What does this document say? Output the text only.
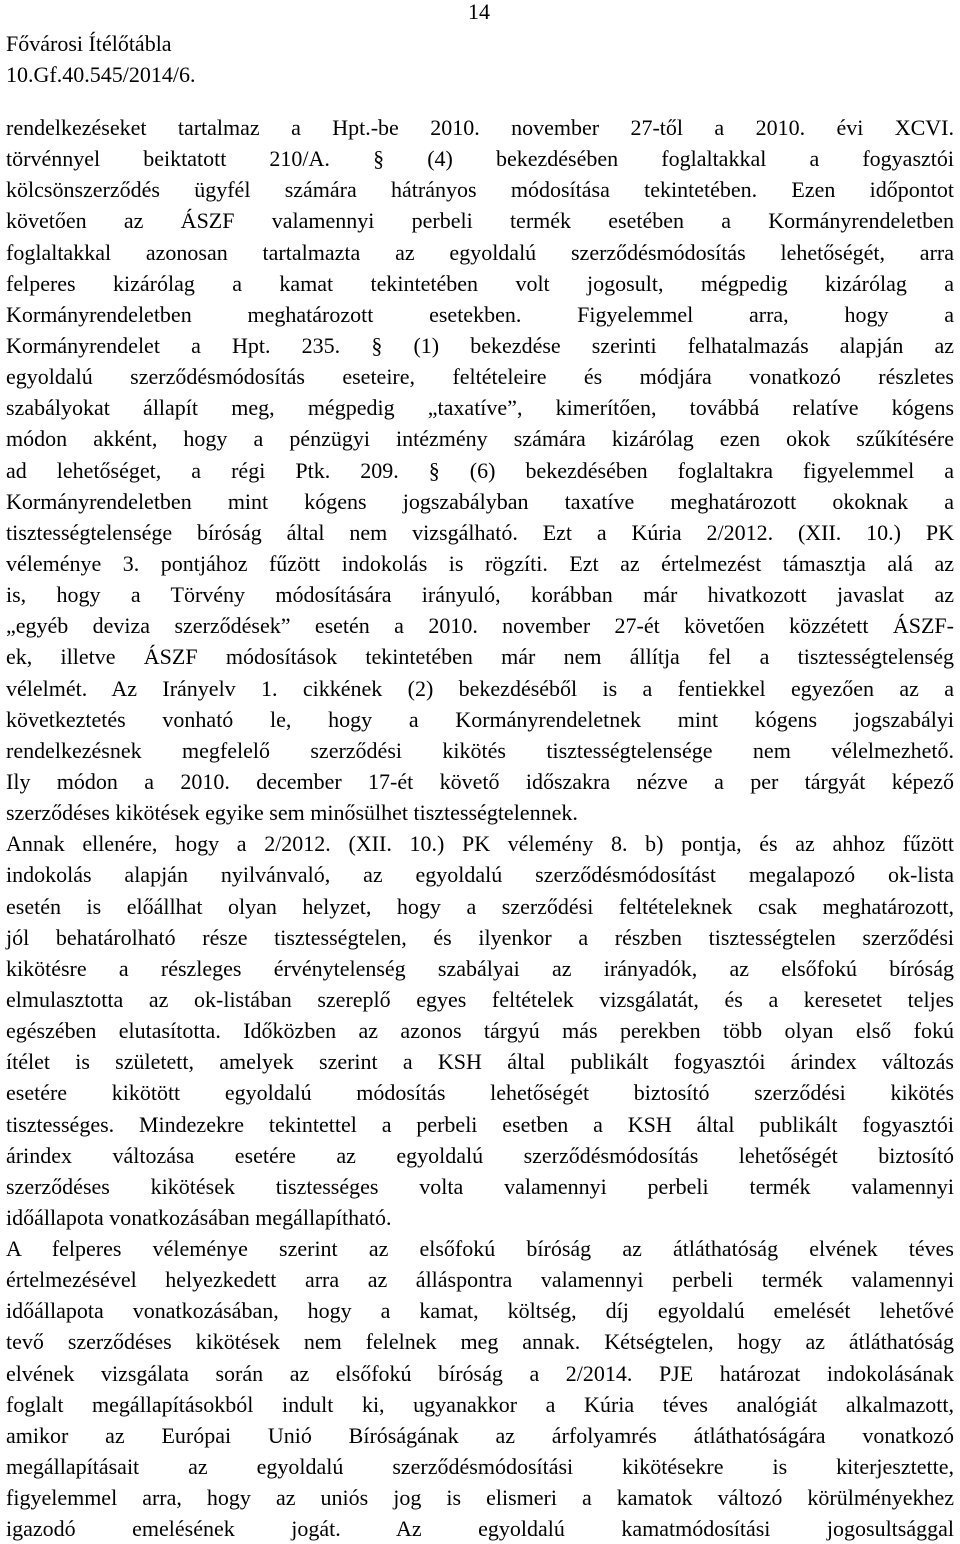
14
Fővárosi Ítélőtábla
10.Gf.40.545/2014/6.
rendelkezéseket tartalmaz a Hpt.-be 2010. november 27-től a 2010. évi XCVI.
törvénnyel beiktatott 210/A. § (4) bekezdésében foglaltakkal a fogyasztói
kölcsönszerződés ügyfél számára hátrányos módosítása tekintetében. Ezen időpontot
követően az ÁSZF valamennyi perbeli termék esetében a Kormányrendeletben
foglaltakkal azonosan tartalmazta az egyoldalú szerződésmódosítás lehetőségét, arra
felperes kizárólag a kamat tekintetében volt jogosult, mégpedig kizárólag a
Kormányrendeletben meghatározott esetekben. Figyelemmel arra, hogy a
Kormányrendelet a Hpt. 235. § (1) bekezdése szerinti felhatalmazás alapján az
egyoldalú szerződésmódosítás eseteire, feltételeire és módjára vonatkozó részletes
szabályokat állapít meg, mégpedig „taxatíve”, kimerítően, továbbá relatíve kógens
módon akként, hogy a pénzügyi intézmény számára kizárólag ezen okok szűkítésére
ad lehetőséget, a régi Ptk. 209. § (6) bekezdésében foglaltakra figyelemmel a
Kormányrendeletben mint kógens jogszabályban taxatíve meghatározott okoknak a
tisztességtelensége bíróság által nem vizsgálható. Ezt a Kúria 2/2012. (XII. 10.) PK
véleménye 3. pontjához fűzött indokolás is rögzíti. Ezt az értelmezést támasztja alá az
is, hogy a Törvény módosítására irányuló, korábban már hivatkozott javaslat az
„egyéb deviza szerződések” esetén a 2010. november 27-ét követően közzétett ÁSZF-
ek, illetve ÁSZF módosítások tekintetében már nem állítja fel a tisztességtelenség
vélelmét. Az Irányelv 1. cikkének (2) bekezdéséből is a fentiekkel egyezően az a
következtetés vonható le, hogy a Kormányrendeletnek mint kógens jogszabályi
rendelkezésnek megfelelő szerződési kikötés tisztességtelensége nem vélelmezhető.
Ily módon a 2010. december 17-ét követő időszakra nézve a per tárgyát képező
szerződéses kikötések egyike sem minősülhet tisztességtelennek.
Annak ellenére, hogy a 2/2012. (XII. 10.) PK vélemény 8. b) pontja, és az ahhoz fűzött
indokolás alapján nyilvánvaló, az egyoldalú szerződésmódosítást megalapozó ok-lista
esetén is előállhat olyan helyzet, hogy a szerződési feltételeknek csak meghatározott,
jól behatárolható része tisztességtelen, és ilyenkor a részben tisztességtelen szerződési
kikötésre a részleges érvénytelenség szabályai az irányadók, az elsőfokú bíróság
elmulasztotta az ok-listában szereplő egyes feltételek vizsgálatát, és a keresetet teljes
egészében elutasította. Időközben az azonos tárgyú más perekben több olyan első fokú
ítélet is született, amelyek szerint a KSH által publikált fogyasztói árindex változás
esetére kikötött egyoldalú módosítás lehetőségét biztosító szerződési kikötés
tisztességes. Mindezekre tekintettel a perbeli esetben a KSH által publikált fogyasztói
árindex változása esetére az egyoldalú szerződésmódosítás lehetőségét biztosító
szerződéses kikötések tisztességes volta valamennyi perbeli termék valamennyi
időállapota vonatkozásában megállapítható.
A felperes véleménye szerint az elsőfokú bíróság az átláthatóság elvének téves
értelmezésével helyezkedett arra az álláspontra valamennyi perbeli termék valamennyi
időállapota vonatkozásában, hogy a kamat, költség, díj egyoldalú emelését lehetővé
tevő szerződéses kikötések nem felelnek meg annak. Kétségtelen, hogy az átláthatóság
elvének vizsgálata során az elsőfokú bíróság a 2/2014. PJE határozat indokolásának
foglalt megállapításokból indult ki, ugyanakkor a Kúria téves analógiát alkalmazott,
amikor az Európai Unió Bíróságának az árfolyamrés átláthatóságára vonatkozó
megállapításait az egyoldalú szerződésmódosítási kikötésekre is kiterjesztette,
figyelemmel arra, hogy az uniós jog is elismeri a kamatok változó körülményekhez
igazodó emelésének jogát. Az egyoldalú kamatmódosítási jogosultsággal
